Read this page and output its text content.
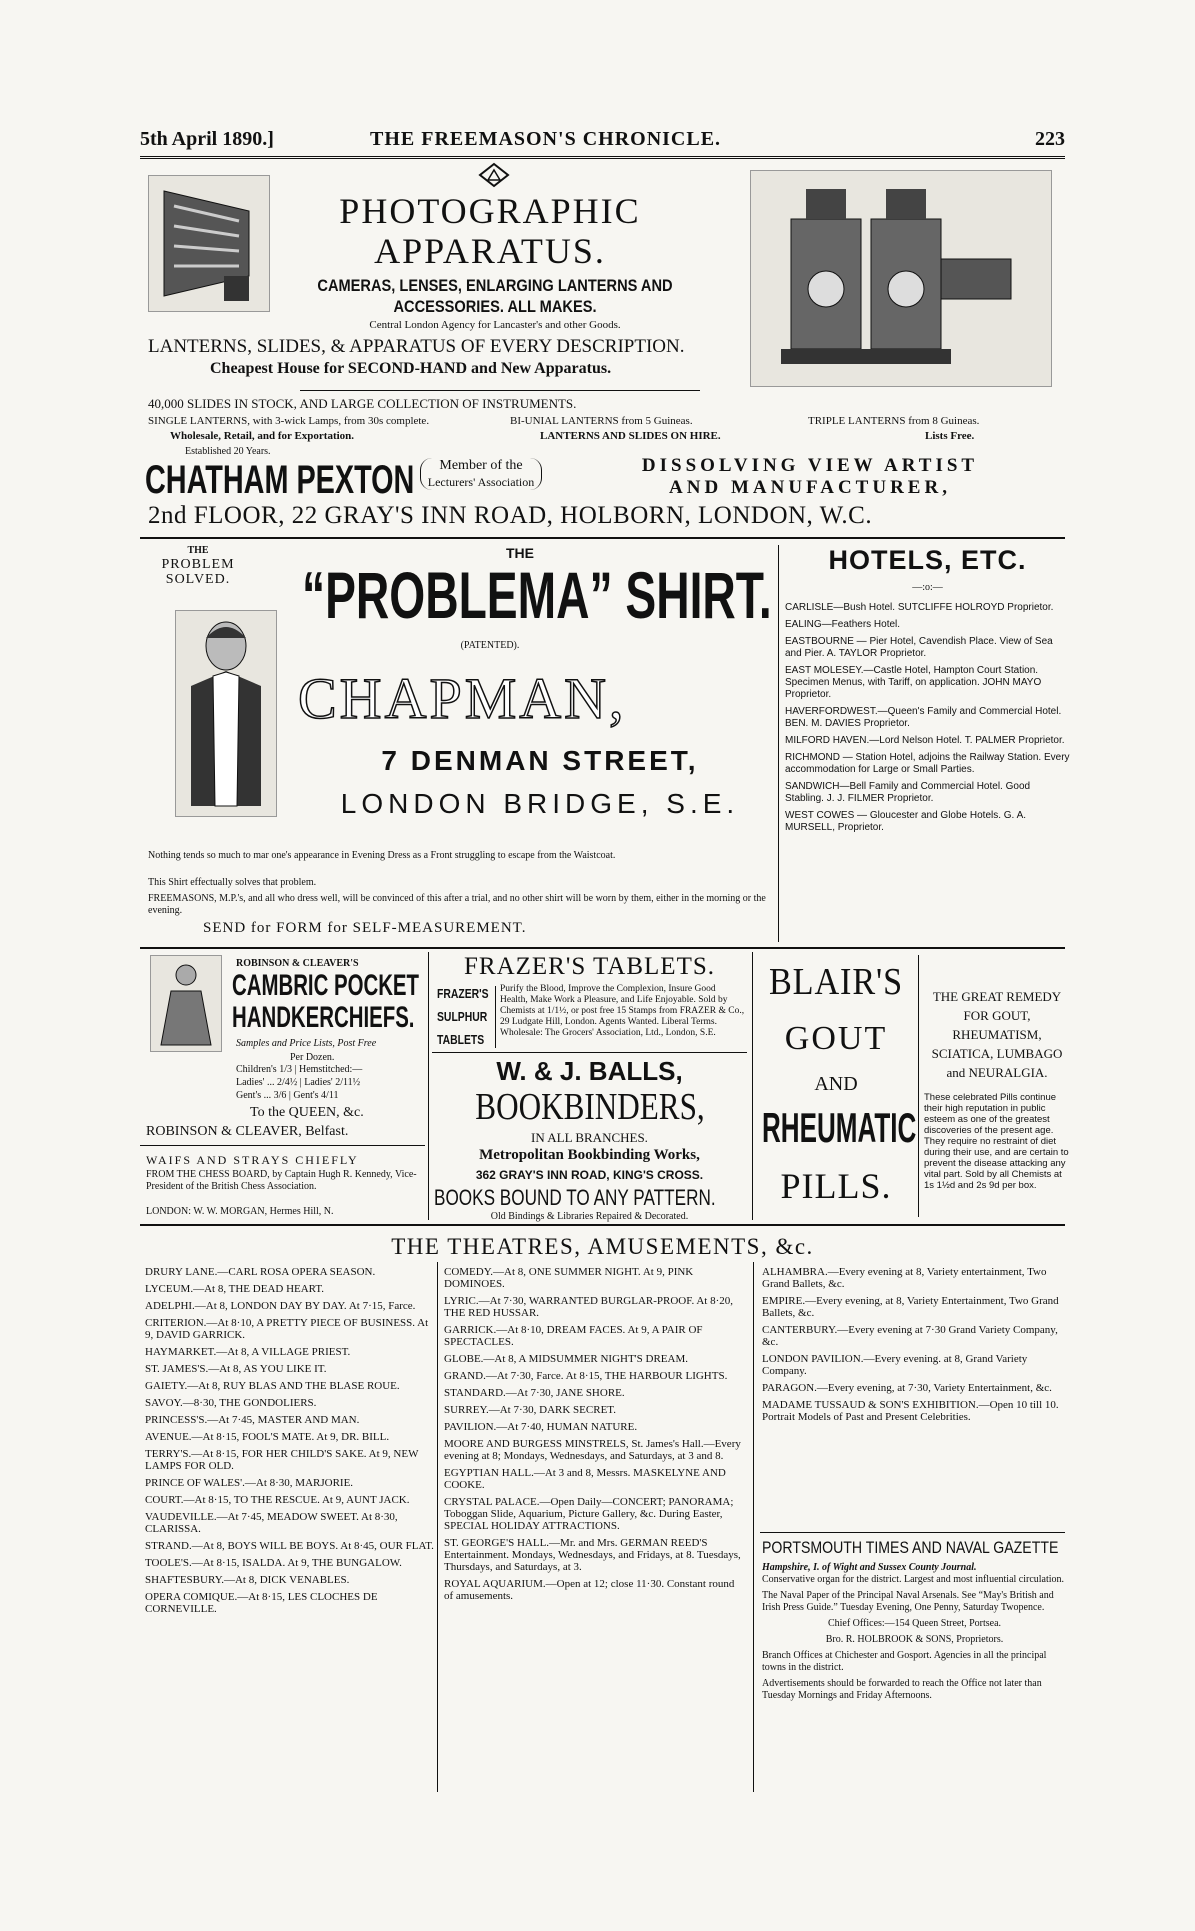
5th April 1890.]	THE FREEMASON'S CHRONICLE.	223
PHOTOGRAPHIC
APPARATUS.
CAMERAS, LENSES, ENLARGING LANTERNS AND
ACCESSORIES. ALL MAKES.
Central London Agency for Lancaster's and other Goods.
LANTERNS, SLIDES, & APPARATUS OF EVERY DESCRIPTION.
Cheapest House for SECOND-HAND and New Apparatus.
40,000 SLIDES IN STOCK, AND LARGE COLLECTION OF INSTRUMENTS.
SINGLE LANTERNS, with 3-wick Lamps, from 30s complete.	BI-UNIAL LANTERNS from 5 Guineas.	TRIPLE LANTERNS from 8 Guineas.
Wholesale, Retail, and for Exportation.	LANTERNS AND SLIDES ON HIRE.	Lists Free.
Established 20 Years.
CHATHAM PEXTON	Member of the
Lecturers' Association
DISSOLVING VIEW ARTIST
AND MANUFACTURER,
2nd FLOOR, 22 GRAY'S INN ROAD, HOLBORN, LONDON, W.C.
THE
PROBLEM
SOLVED.
THE
“PROBLEMA” SHIRT.
(PATENTED).
CHAPMAN,
7 DENMAN STREET,
LONDON BRIDGE, S.E.
Nothing tends so much to mar one's appearance in Evening Dress as a Front struggling to escape from the Waistcoat.
This Shirt effectually solves that problem.
FREEMASONS, M.P.'s, and all who dress well, will be convinced of this after a trial, and no other shirt will be worn by them, either in the morning or the evening.
SEND for FORM for SELF-MEASUREMENT.
HOTELS, ETC.
—:o:—

CARLISLE—Bush Hotel. SUTCLIFFE HOLROYD Proprietor.

EALING—Feathers Hotel.

EASTBOURNE — Pier Hotel, Cavendish Place. View of Sea and Pier. A. TAYLOR Proprietor.

EAST MOLESEY.—Castle Hotel, Hampton Court Station. Specimen Menus, with Tariff, on application. JOHN MAYO Proprietor.

HAVERFORDWEST.—Queen's Family and Commercial Hotel. BEN. M. DAVIES Proprietor.

MILFORD HAVEN.—Lord Nelson Hotel. T. PALMER Proprietor.

RICHMOND — Station Hotel, adjoins the Railway Station. Every accommodation for Large or Small Parties.

SANDWICH—Bell Family and Commercial Hotel. Good Stabling. J. J. FILMER Proprietor.

WEST COWES — Gloucester and Globe Hotels. G. A. MURSELL, Proprietor.

ROBINSON & CLEAVER'S
CAMBRIC POCKET
HANDKERCHIEFS.
Samples and Price Lists, Post Free
Per Dozen.
Children's 1/3 | Hemstitched:—
Ladies' ... 2/4½ | Ladies' 2/11½
Gent's ... 3/6 | Gent's 4/11
To the QUEEN, &c.
ROBINSON & CLEAVER, Belfast.
WAIFS AND STRAYS CHIEFLY
FROM THE CHESS BOARD, by Captain Hugh R. Kennedy, Vice-President of the British Chess Association.
LONDON: W. W. MORGAN, Hermes Hill, N.
FRAZER'S TABLETS.
FRAZER'S
SULPHUR
TABLETS
Purify the Blood, Improve the Complexion, Insure Good Health, Make Work a Pleasure, and Life Enjoyable. Sold by Chemists at 1/1½, or post free 15 Stamps from FRAZER & Co., 29 Ludgate Hill, London. Agents Wanted. Liberal Terms. Wholesale: The Grocers' Association, Ltd., London, S.E.
W. & J. BALLS,
BOOKBINDERS,
IN ALL BRANCHES.
Metropolitan Bookbinding Works,
362 GRAY'S INN ROAD, KING'S CROSS.
BOOKS BOUND TO ANY PATTERN.
Old Bindings & Libraries Repaired & Decorated.
BLAIR'S
GOUT
AND
RHEUMATIC
PILLS.
THE GREAT REMEDY
FOR GOUT,
RHEUMATISM,
SCIATICA, LUMBAGO
and NEURALGIA.
These celebrated Pills continue their high reputation in public esteem as one of the greatest discoveries of the present age. They require no restraint of diet during their use, and are certain to prevent the disease attacking any vital part. Sold by all Chemists at 1s 1½d and 2s 9d per box.
THE THEATRES, AMUSEMENTS, &c.

DRURY LANE.—CARL ROSA OPERA SEASON.

LYCEUM.—At 8, THE DEAD HEART.

ADELPHI.—At 8, LONDON DAY BY DAY. At 7·15, Farce.

CRITERION.—At 8·10, A PRETTY PIECE OF BUSINESS. At 9, DAVID GARRICK.

HAYMARKET.—At 8, A VILLAGE PRIEST.

ST. JAMES'S.—At 8, AS YOU LIKE IT.

GAIETY.—At 8, RUY BLAS AND THE BLASE ROUE.

SAVOY.—8·30, THE GONDOLIERS.

PRINCESS'S.—At 7·45, MASTER AND MAN.

AVENUE.—At 8·15, FOOL'S MATE. At 9, DR. BILL.

TERRY'S.—At 8·15, FOR HER CHILD'S SAKE. At 9, NEW LAMPS FOR OLD.

PRINCE OF WALES'.—At 8·30, MARJORIE.

COURT.—At 8·15, TO THE RESCUE. At 9, AUNT JACK.

VAUDEVILLE.—At 7·45, MEADOW SWEET. At 8·30, CLARISSA.

STRAND.—At 8, BOYS WILL BE BOYS. At 8·45, OUR FLAT.

TOOLE'S.—At 8·15, ISALDA. At 9, THE BUNGALOW.

SHAFTESBURY.—At 8, DICK VENABLES.

OPERA COMIQUE.—At 8·15, LES CLOCHES DE CORNEVILLE.

COMEDY.—At 8, ONE SUMMER NIGHT. At 9, PINK DOMINOES.

LYRIC.—At 7·30, WARRANTED BURGLAR-PROOF. At 8·20, THE RED HUSSAR.

GARRICK.—At 8·10, DREAM FACES. At 9, A PAIR OF SPECTACLES.

GLOBE.—At 8, A MIDSUMMER NIGHT'S DREAM.

GRAND.—At 7·30, Farce. At 8·15, THE HARBOUR LIGHTS.

STANDARD.—At 7·30, JANE SHORE.

SURREY.—At 7·30, DARK SECRET.

PAVILION.—At 7·40, HUMAN NATURE.

MOORE AND BURGESS MINSTRELS, St. James's Hall.—Every evening at 8; Mondays, Wednesdays, and Saturdays, at 3 and 8.

EGYPTIAN HALL.—At 3 and 8, Messrs. MASKELYNE AND COOKE.

CRYSTAL PALACE.—Open Daily—CONCERT; PANORAMA; Toboggan Slide, Aquarium, Picture Gallery, &c. During Easter, SPECIAL HOLIDAY ATTRACTIONS.

ST. GEORGE'S HALL.—Mr. and Mrs. GERMAN REED'S Entertainment. Mondays, Wednesdays, and Fridays, at 8. Tuesdays, Thursdays, and Saturdays, at 3.

ROYAL AQUARIUM.—Open at 12; close 11·30. Constant round of amusements.

ALHAMBRA.—Every evening at 8, Variety entertainment, Two Grand Ballets, &c.

EMPIRE.—Every evening, at 8, Variety Entertainment, Two Grand Ballets, &c.

CANTERBURY.—Every evening at 7·30 Grand Variety Company, &c.

LONDON PAVILION.—Every evening. at 8, Grand Variety Company.

PARAGON.—Every evening, at 7·30, Variety Entertainment, &c.

MADAME TUSSAUD & SON'S EXHIBITION.—Open 10 till 10. Portrait Models of Past and Present Celebrities.

PORTSMOUTH TIMES AND NAVAL GAZETTE
Hampshire, I. of Wight and Sussex County Journal.
Conservative organ for the district. Largest and most influential circulation.
The Naval Paper of the Principal Naval Arsenals. See “May's British and Irish Press Guide.” Tuesday Evening, One Penny, Saturday Twopence.
Chief Offices:—154 Queen Street, Portsea.
Bro. R. HOLBROOK & SONS, Proprietors.
Branch Offices at Chichester and Gosport. Agencies in all the principal towns in the district.
Advertisements should be forwarded to reach the Office not later than Tuesday Mornings and Friday Afternoons.
